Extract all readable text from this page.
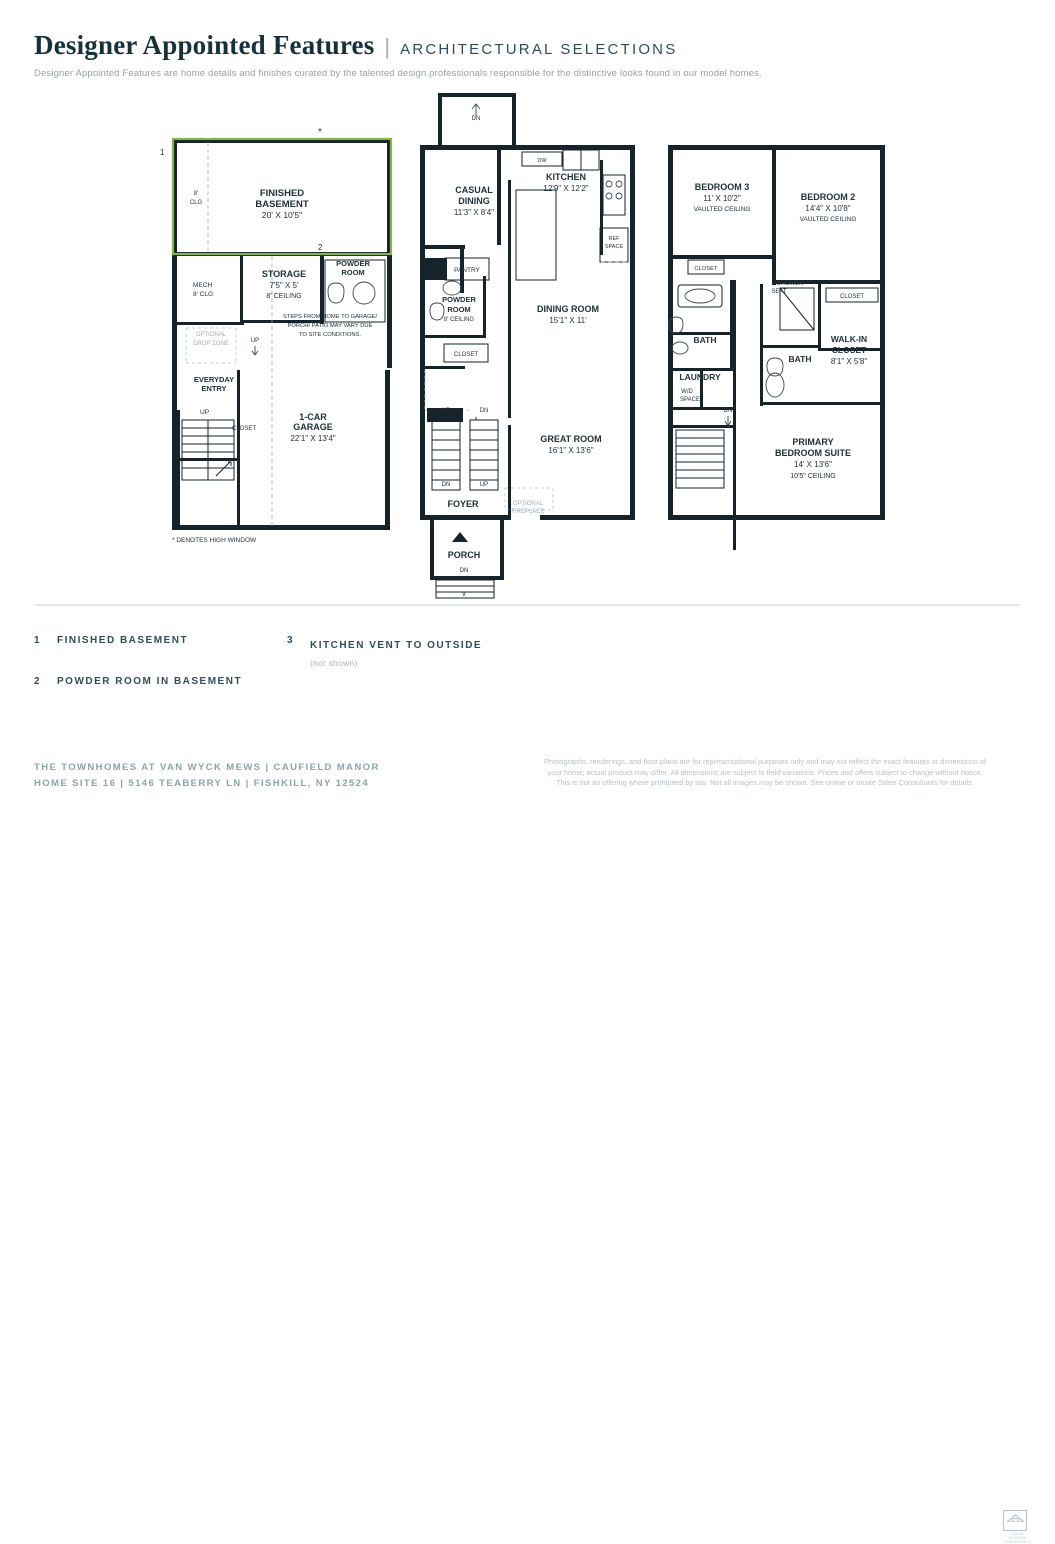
Designer Appointed Features | ARCHITECTURAL SELECTIONS
Designer Appointed Features are home details and finishes curated by the talented design professionals responsible for the distinctive looks found in our model homes.
1
2
*
FINISHED
BASEMENT
20' X 10'5"
8'
CLG
STORAGE
7'5" X 5'
8' CEILING
POWDER
ROOM
MECH
8' CLG
OPTIONAL
DROP ZONE
STEPS FROM HOME TO GARAGE/
PORCH/ PATIO MAY VARY DUE
TO SITE CONDITIONS.
EVERYDAY
ENTRY
UP
UP
CLOSET
1-CAR
GARAGE
22'1" X 13'4"
* DENOTES HIGH WINDOW
DW
REF
SPACE
PANTRY
POWDER
ROOM
8' CEILING
CLOSET
UP	DN
DN	UP
∧
CASUAL
DINING
11'3" X 8'4"
DN
KITCHEN
12'9" X 12'2"
DINING ROOM
15'1" X 11'
GREAT ROOM
16'1" X 13'6"
OPTIONAL
FIREPLACE
FOYER
PORCH
DN
∨
BEDROOM 3
11' X 10'2"
VAULTED CEILING
BEDROOM 2
14'4" X 10'8"
VAULTED CEILING
CLOSET
BATH
LAUNDRY
W/D
SPACE
DN
SHOWER
SEAT
CLOSET
BATH
WALK-IN
CLOSET
8'1" X 5'8"
PRIMARY
BEDROOM SUITE
14' X 13'6"
10'5" CEILING
1	FINISHED BASEMENT
2	POWDER ROOM IN BASEMENT
3	KITCHEN VENT TO OUTSIDE
(not shown)
THE TOWNHOMES AT VAN WYCK MEWS | CAUFIELD MANOR
HOME SITE 16 | 5146 TEABERRY LN | FISHKILL, NY 12524
Photographs, renderings, and floor plans are for representational purposes only and may not reflect the exact features or dimensions of
your home; actual product may differ. All dimensions are subject to field variations. Prices and offers subject to change without notice.
This is not an offering where prohibited by law. Not all images may be shown. See online or onsite Sales Consultants for details.
EQUAL HOUSING OPPORTUNITY
